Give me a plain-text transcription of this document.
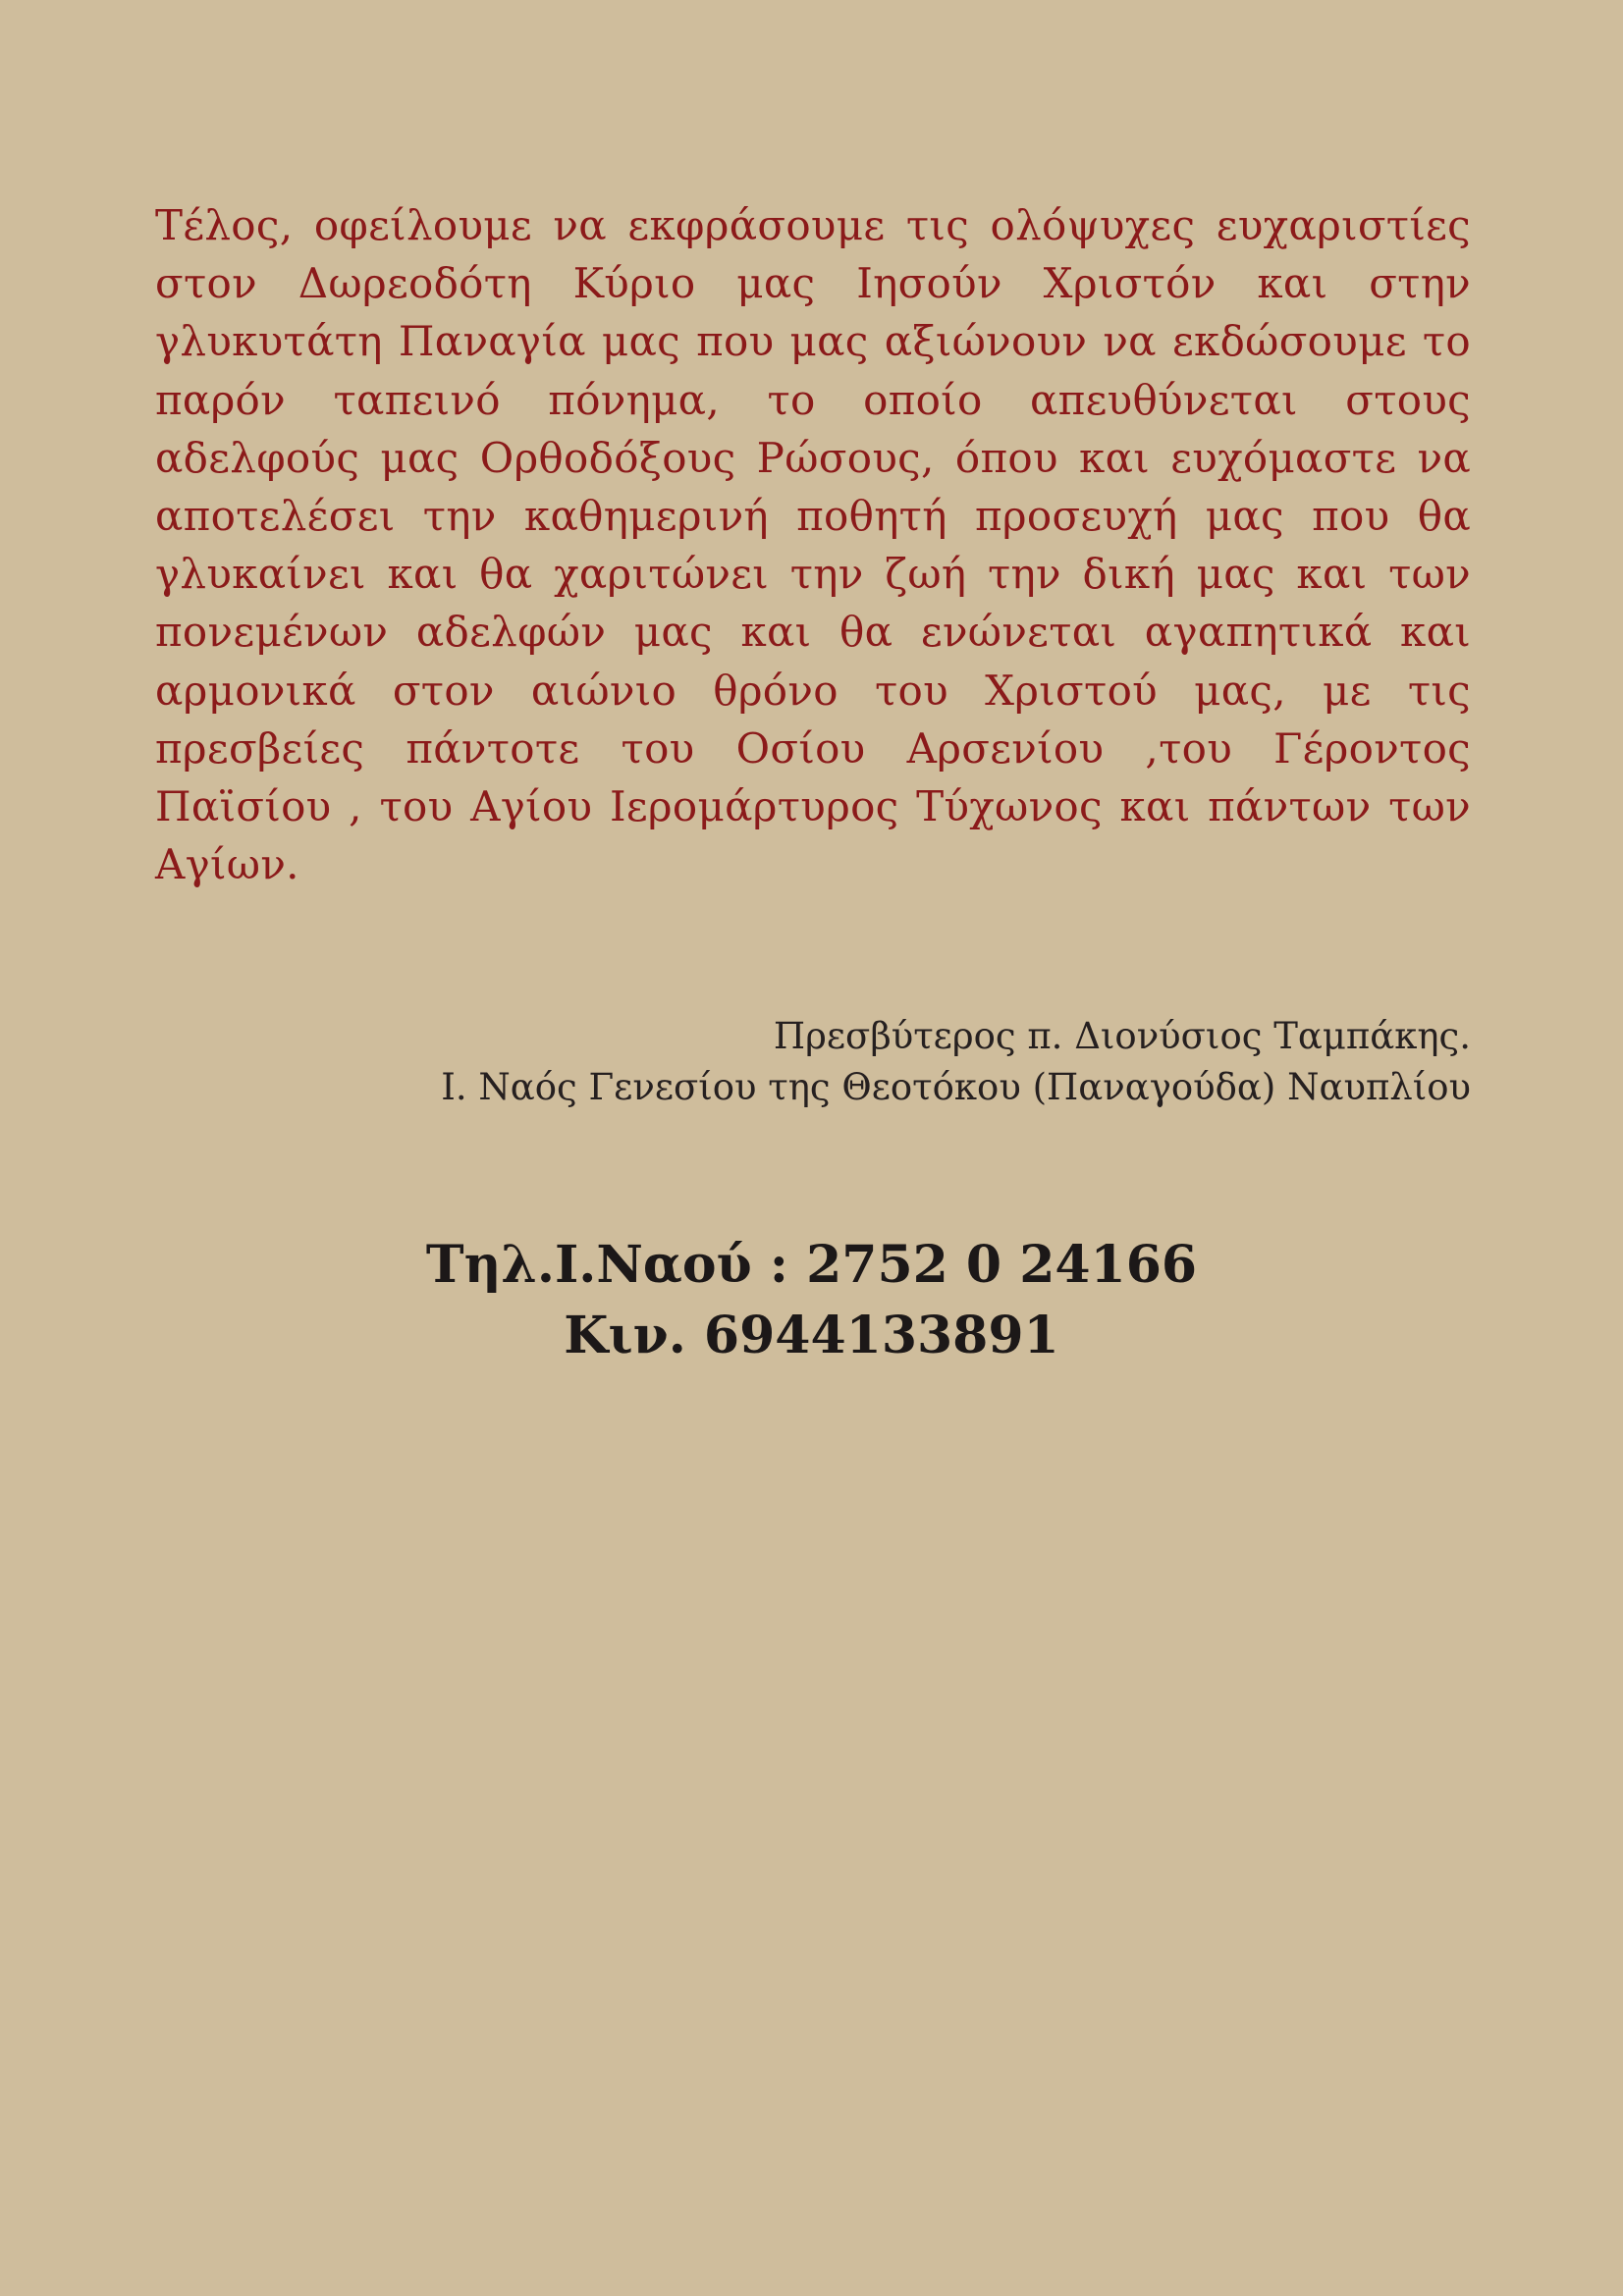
Τέλος, οφείλουμε να εκφράσουμε τις ολόψυχες ευχαριστίες στον Δωρεοδότη Κύριο μας Ιησούν Χριστόν και στην γλυκυτάτη Παναγία μας που μας αξιώνουν να εκδώσουμε το παρόν ταπεινό πόνημα, το οποίο απευθύνεται στους αδελφούς μας Ορθοδόξους Ρώσους, όπου και ευχόμαστε να αποτελέσει την καθημερινή ποθητή προσευχή μας που θα γλυκαίνει και θα χαριτώνει την ζωή την δική μας και των πονεμένων αδελφών μας και θα ενώνεται αγαπητικά και αρμονικά στον αιώνιο θρόνο του Χριστού μας, με τις πρεσβείες πάντοτε του Οσίου Αρσενίου ,του Γέροντος Παϊσίου , του Αγίου Ιερομάρτυρος Τύχωνος και πάντων των Αγίων.

Πρεσβύτερος π. Διονύσιος Ταμπάκης.
Ι. Ναός Γενεσίου της Θεοτόκου (Παναγούδα) Ναυπλίου
Τηλ.Ι.Ναού : 2752 0 24166
Κιν. 6944133891
